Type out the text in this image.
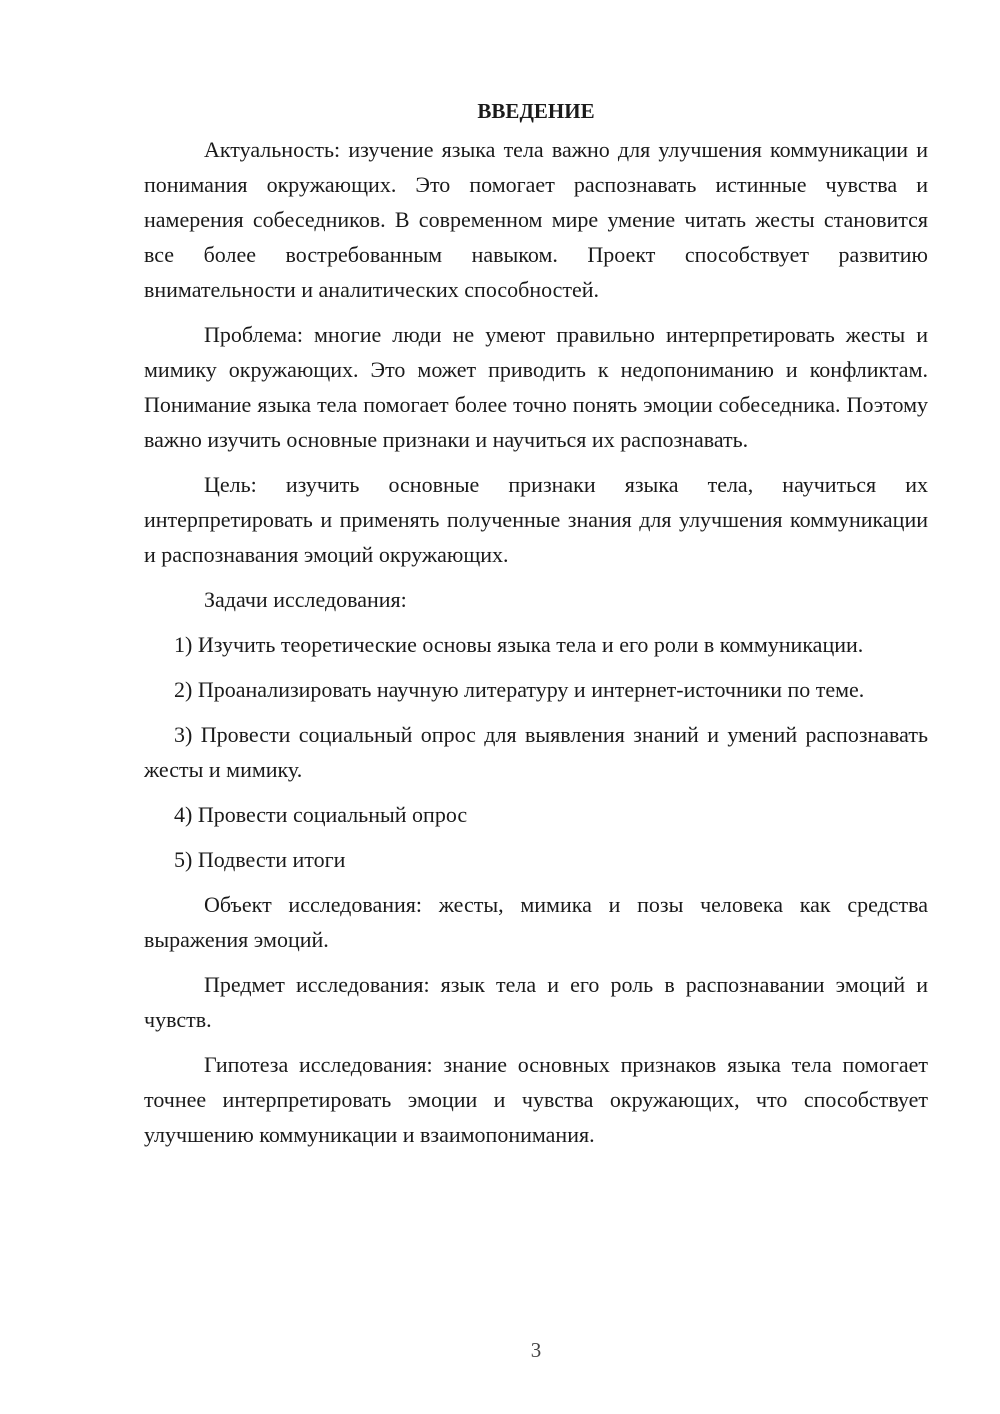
ВВЕДЕНИЕ

Актуальность: изучение языка тела важно для улучшения коммуникации и понимания окружающих. Это помогает распознавать истинные чувства и намерения собеседников. В современном мире умение читать жесты становится все более востребованным навыком. Проект способствует развитию внимательности и аналитических способностей.

Проблема: многие люди не умеют правильно интерпретировать жесты и мимику окружающих. Это может приводить к недопониманию и конфликтам. Понимание языка тела помогает более точно понять эмоции собеседника. Поэтому важно изучить основные признаки и научиться их распознавать.

Цель: изучить основные признаки языка тела, научиться их интерпретировать и применять полученные знания для улучшения коммуникации и распознавания эмоций окружающих.

Задачи исследования:

1) Изучить теоретические основы языка тела и его роли в коммуникации.

2) Проанализировать научную литературу и интернет-источники по теме.

3) Провести социальный опрос для выявления знаний и умений распознавать жесты и мимику.

4) Провести социальный опрос

5) Подвести итоги

Объект исследования: жесты, мимика и позы человека как средства выражения эмоций.

Предмет исследования: язык тела и его роль в распознавании эмоций и чувств.

Гипотеза исследования: знание основных признаков языка тела помогает точнее интерпретировать эмоции и чувства окружающих, что способствует улучшению коммуникации и взаимопонимания.

3
